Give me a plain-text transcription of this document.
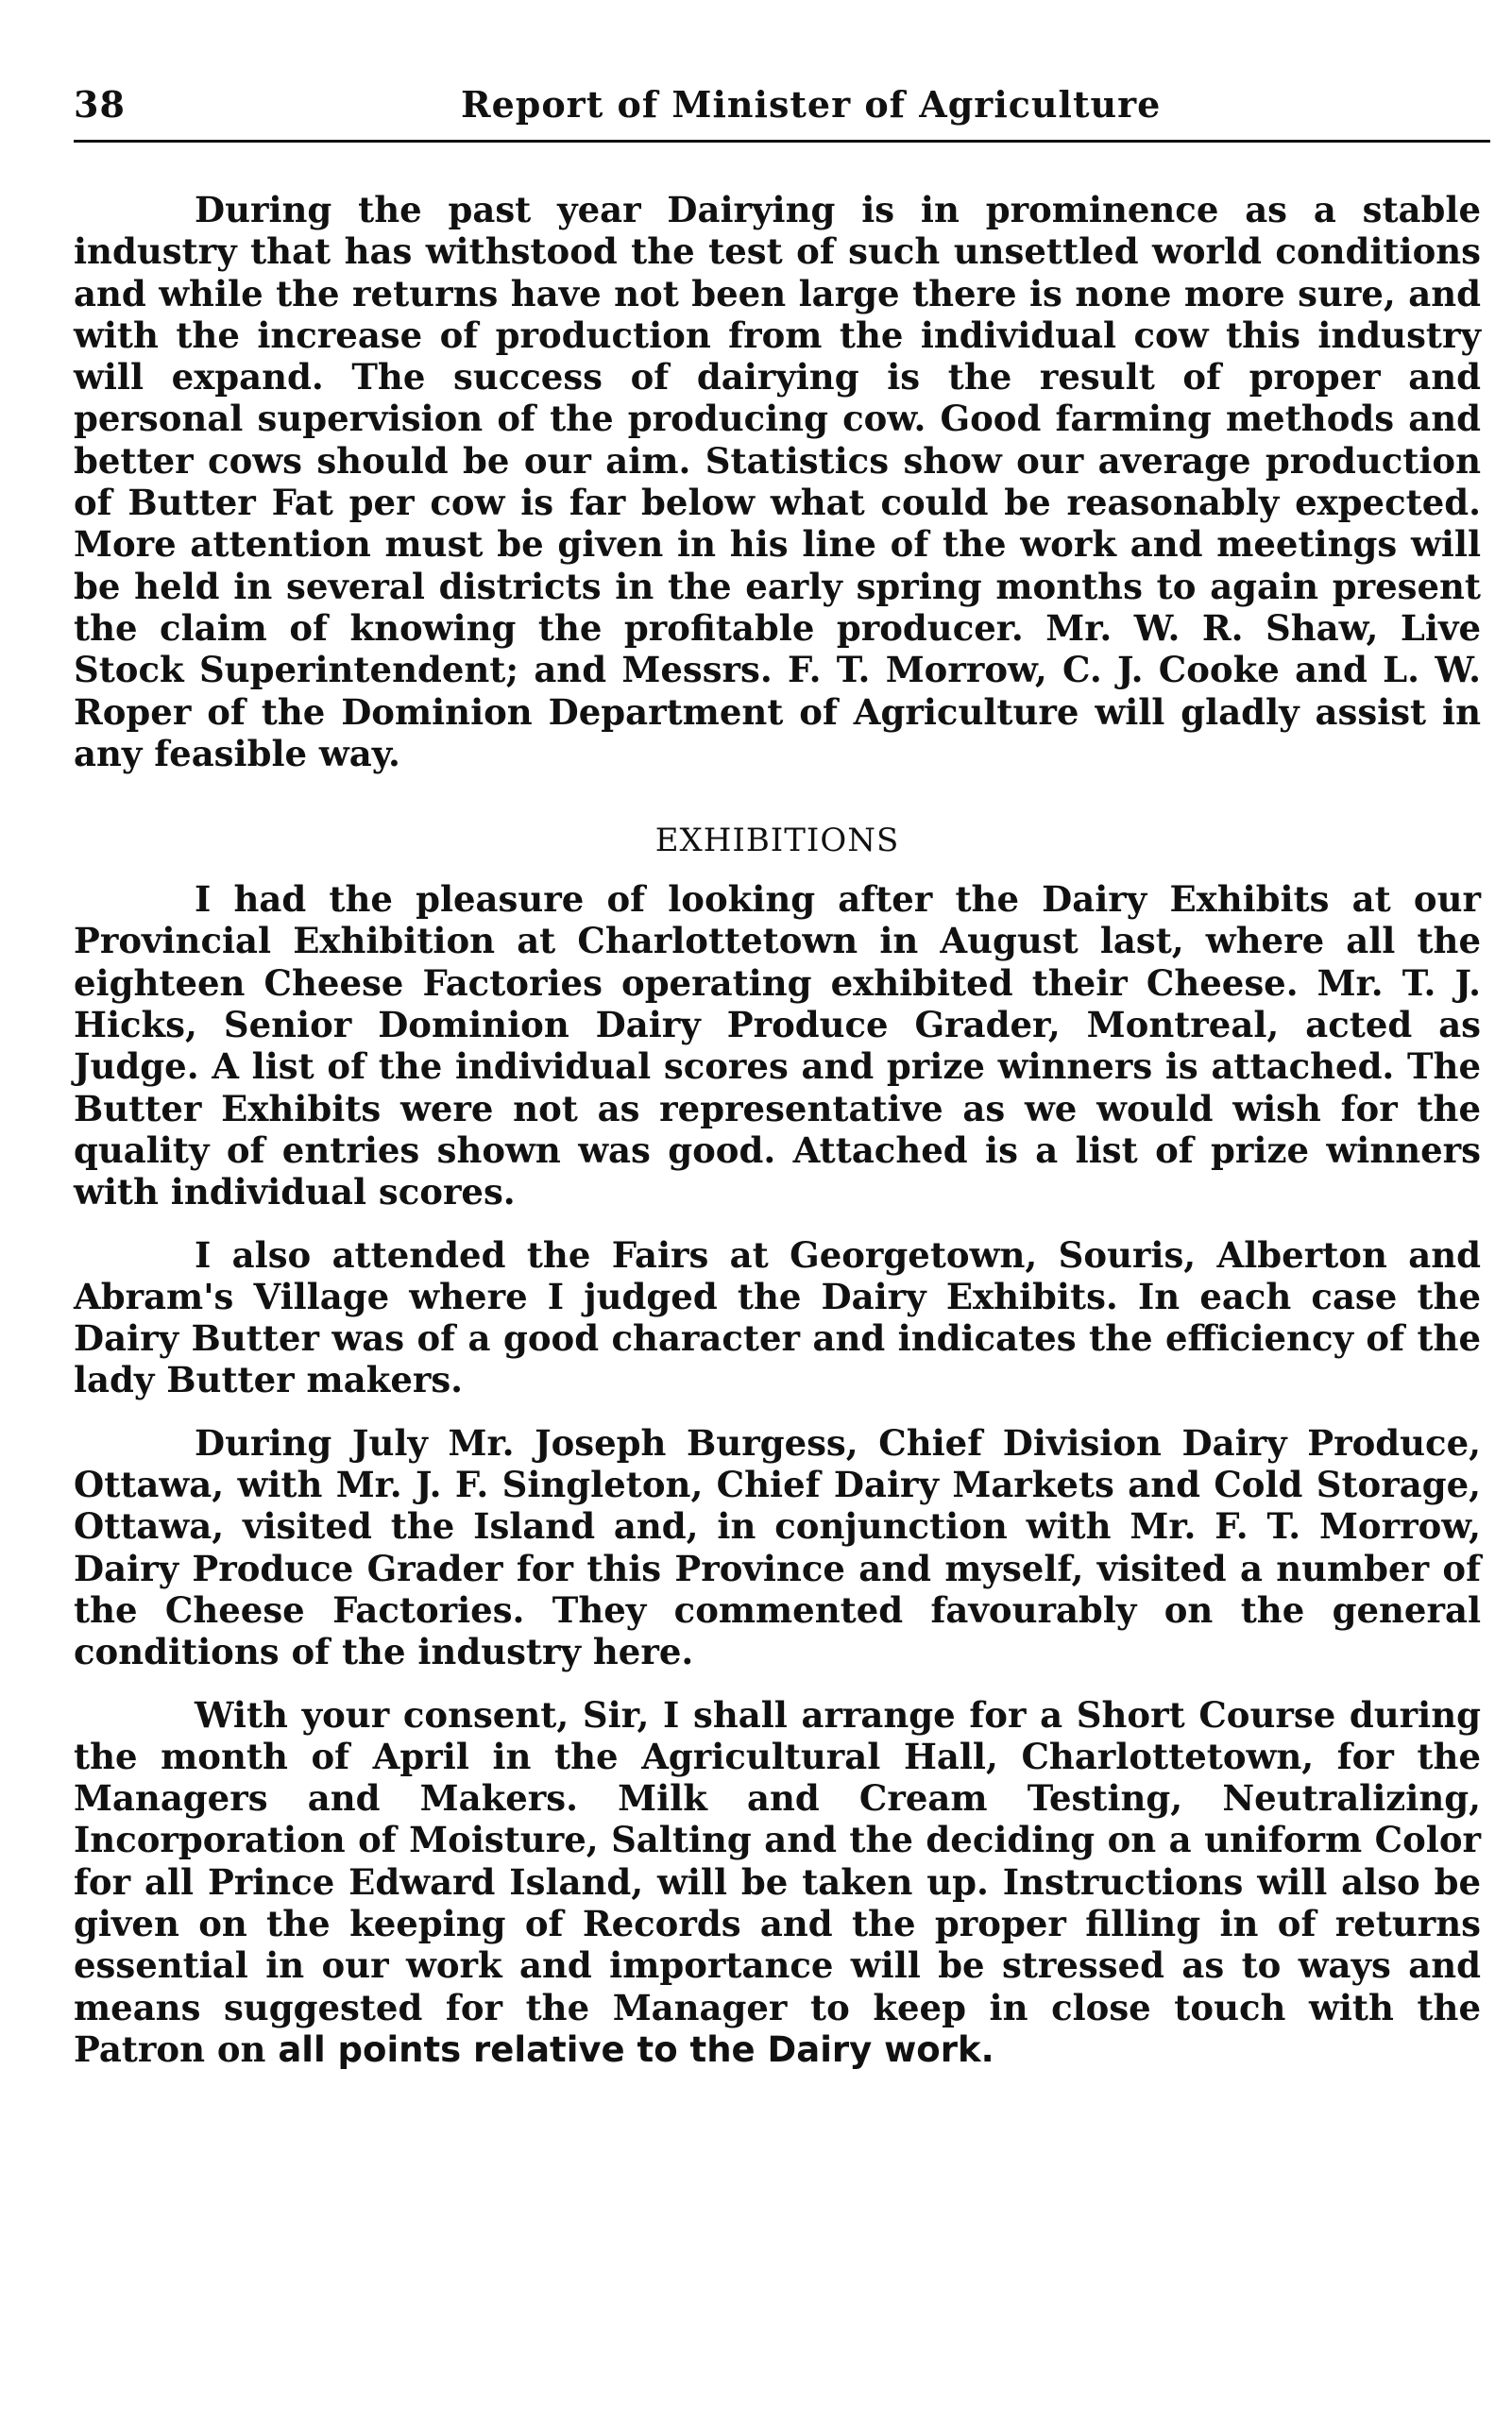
38	Report of Minister of Agriculture

During the past year Dairying is in prominence as a stable industry that has withstood the test of such unsettled world conditions and while the returns have not been large there is none more sure, and with the increase of production from the individual cow this industry will expand. The success of dairying is the result of proper and personal supervision of the producing cow. Good farming methods and better cows should be our aim. Statistics show our average production of Butter Fat per cow is far below what could be reasonably expected. More attention must be given in his line of the work and meetings will be held in several districts in the early spring months to again present the claim of knowing the profitable producer. Mr. W. R. Shaw, Live Stock Superintendent; and Messrs. F. T. Morrow, C. J. Cooke and L. W. Roper of the Dominion Department of Agriculture will gladly assist in any feasible way.

EXHIBITIONS

I had the pleasure of looking after the Dairy Exhibits at our Provincial Exhibition at Charlottetown in August last, where all the eighteen Cheese Factories operating exhibited their Cheese. Mr. T. J. Hicks, Senior Dominion Dairy Produce Grader, Montreal, acted as Judge. A list of the individual scores and prize winners is attached. The Butter Exhibits were not as representative as we would wish for the quality of entries shown was good. Attached is a list of prize winners with individual scores.

I also attended the Fairs at Georgetown, Souris, Alberton and Abram's Village where I judged the Dairy Exhibits. In each case the Dairy Butter was of a good character and indicates the efficiency of the lady Butter makers.

During July Mr. Joseph Burgess, Chief Division Dairy Produce, Ottawa, with Mr. J. F. Singleton, Chief Dairy Markets and Cold Storage, Ottawa, visited the Island and, in conjunction with Mr. F. T. Morrow, Dairy Produce Grader for this Province and myself, visited a number of the Cheese Factories. They commented favourably on the general conditions of the industry here.

With your consent, Sir, I shall arrange for a Short Course during the month of April in the Agricultural Hall, Charlottetown, for the Managers and Makers. Milk and Cream Testing, Neutralizing, Incorporation of Moisture, Salting and the deciding on a uniform Color for all Prince Edward Island, will be taken up. Instructions will also be given on the keeping of Records and the proper filling in of returns essential in our work and importance will be stressed as to ways and means suggested for the Manager to keep in close touch with the Patron on all points relative to the Dairy work.
